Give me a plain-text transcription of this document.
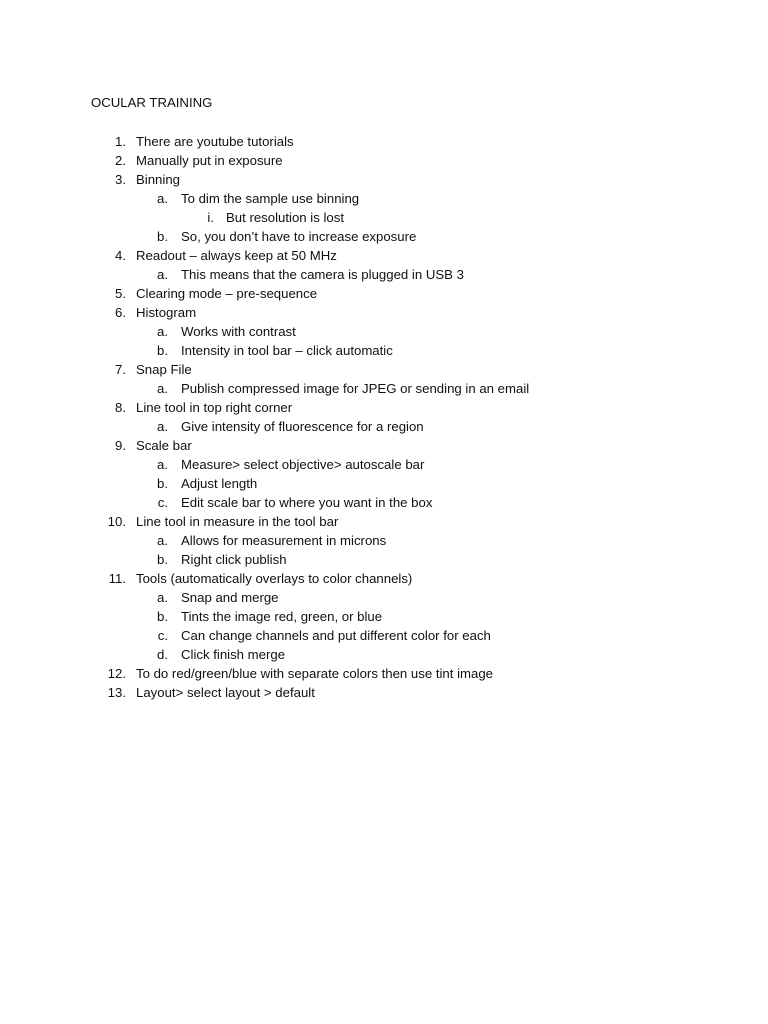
OCULAR TRAINING
1. There are youtube tutorials
2. Manually put in exposure
3. Binning
a. To dim the sample use binning
i. But resolution is lost
b. So, you don’t have to increase exposure
4. Readout – always keep at 50 MHz
a. This means that the camera is plugged in USB 3
5. Clearing mode – pre-sequence
6. Histogram
a. Works with contrast
b. Intensity in tool bar – click automatic
7. Snap File
a. Publish compressed image for JPEG or sending in an email
8. Line tool in top right corner
a. Give intensity of fluorescence for a region
9. Scale bar
a. Measure> select objective> autoscale bar
b. Adjust length
c. Edit scale bar to where you want in the box
10. Line tool in measure in the tool bar
a. Allows for measurement in microns
b. Right click publish
11. Tools (automatically overlays to color channels)
a. Snap and merge
b. Tints the image red, green, or blue
c. Can change channels and put different color for each
d. Click finish merge
12. To do red/green/blue with separate colors then use tint image
13. Layout> select layout > default
